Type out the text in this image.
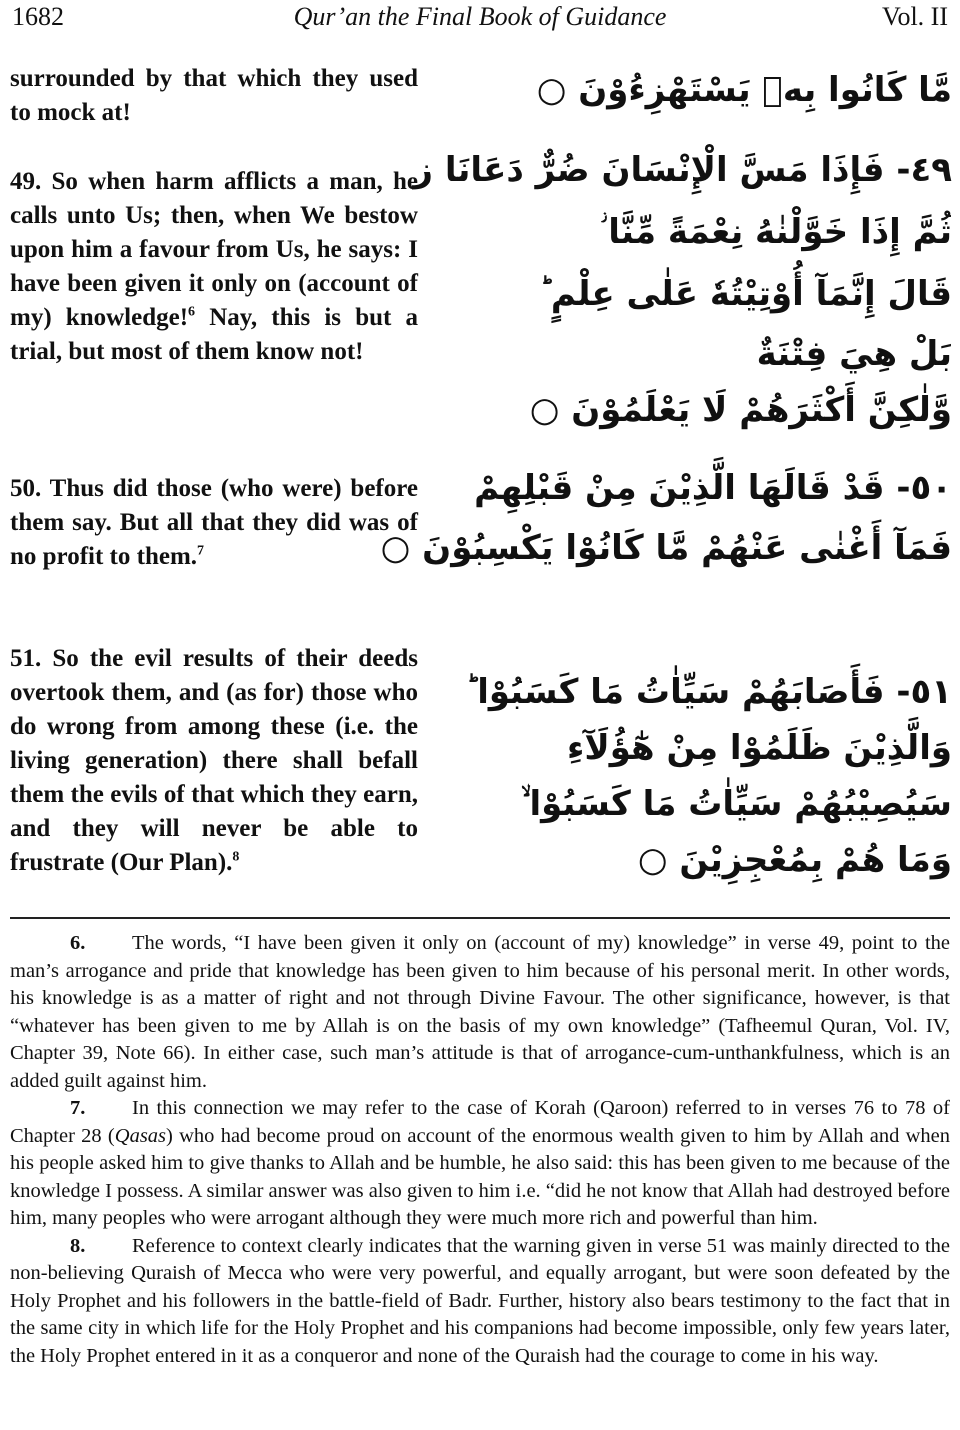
1682	Qur’an the Final Book of Guidance	Vol. II

surrounded by that which they used to mock at!

مَّا كَانُوا بِهٖ يَسْتَهْزِءُوْنَ ○

49. So when harm afflicts a man, he calls unto Us; then, when We bestow upon him a favour from Us, he says: I have been given it only on (account of my) knowledge!$^6$ Nay, this is but a trial, but most of them know not!

٤٩- فَإِذَا مَسَّ الْإِنْسَانَ ضُرٌّ دَعَانَا ز
ثُمَّ إِذَا خَوَّلْنٰهُ نِعْمَةً مِّنَّا ؗ
قَالَ إِنَّمَآ أُوْتِيْتُهٗ عَلٰى عِلْمٍ ؕ
بَلْ هِيَ فِتْنَةٌ
وَّلٰكِنَّ أَكْثَرَهُمْ لَا يَعْلَمُوْنَ ○

50. Thus did those (who were) before them say. But all that they did was of no profit to them.$^7$

٥٠- قَدْ قَالَهَا الَّذِيْنَ مِنْ قَبْلِهِمْ
فَمَآ أَغْنٰى عَنْهُمْ مَّا كَانُوْا يَكْسِبُوْنَ ○

51. So the evil results of their deeds overtook them, and (as for) those who do wrong from among these (i.e. the living generation) there shall befall them the evils of that which they earn, and they will never be able to frustrate (Our Plan).$^8$

٥١- فَأَصَابَهُمْ سَيِّاٰتُ مَا كَسَبُوْا ؕ
وَالَّذِيْنَ ظَلَمُوْا مِنْ هٰٓؤُلَآءِ
سَيُصِيْبُهُمْ سَيِّاٰتُ مَا كَسَبُوْا ۙ
وَمَا هُمْ بِمُعْجِزِيْنَ ○

6. The words, “I have been given it only on (account of my) knowledge” in verse 49, point to the man’s arrogance and pride that knowledge has been given to him because of his personal merit. In other words, his knowledge is as a matter of right and not through Divine Favour. The other significance, however, is that “whatever has been given to me by Allah is on the basis of my own knowledge” (Tafheemul Quran, Vol. IV, Chapter 39, Note 66). In either case, such man’s attitude is that of arrogance-cum-unthankfulness, which is an added guilt against him.

7. In this connection we may refer to the case of Korah (Qaroon) referred to in verses 76 to 78 of Chapter 28 (Qasas) who had become proud on account of the enormous wealth given to him by Allah and when his people asked him to give thanks to Allah and be humble, he also said: this has been given to me because of the knowledge I possess. A similar answer was also given to him i.e. “did he not know that Allah had destroyed before him, many peoples who were arrogant although they were much more rich and powerful than him.

8. Reference to context clearly indicates that the warning given in verse 51 was mainly directed to the non-believing Quraish of Mecca who were very powerful, and equally arrogant, but were soon defeated by the Holy Prophet and his followers in the battle-field of Badr. Further, history also bears testimony to the fact that in the same city in which life for the Holy Prophet and his companions had become impossible, only few years later, the Holy Prophet entered in it as a conqueror and none of the Quraish had the courage to come in his way.
